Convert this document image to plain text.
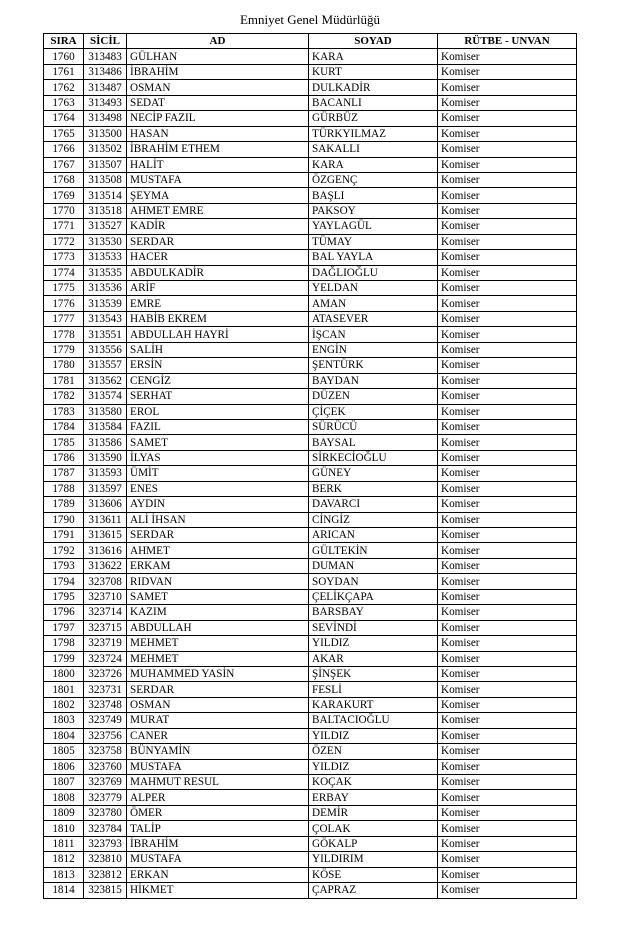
Emniyet Genel Müdürlüğü
SIRA	SİCİL	AD	SOYAD	RÜTBE - UNVAN
1760	313483	GÜLHAN	KARA	Komiser
1761	313486	İBRAHİM	KURT	Komiser
1762	313487	OSMAN	DULKADİR	Komiser
1763	313493	SEDAT	BACANLI	Komiser
1764	313498	NECİP FAZIL	GÜRBÜZ	Komiser
1765	313500	HASAN	TÜRKYILMAZ	Komiser
1766	313502	İBRAHİM ETHEM	SAKALLI	Komiser
1767	313507	HALİT	KARA	Komiser
1768	313508	MUSTAFA	ÖZGENÇ	Komiser
1769	313514	ŞEYMA	BAŞLI	Komiser
1770	313518	AHMET EMRE	PAKSOY	Komiser
1771	313527	KADİR	YAYLAGÜL	Komiser
1772	313530	SERDAR	TÜMAY	Komiser
1773	313533	HACER	BAL YAYLA	Komiser
1774	313535	ABDULKADİR	DAĞLIOĞLU	Komiser
1775	313536	ARİF	YELDAN	Komiser
1776	313539	EMRE	AMAN	Komiser
1777	313543	HABİB EKREM	ATASEVER	Komiser
1778	313551	ABDULLAH HAYRİ	İŞCAN	Komiser
1779	313556	SALİH	ENGİN	Komiser
1780	313557	ERSİN	ŞENTÜRK	Komiser
1781	313562	CENGİZ	BAYDAN	Komiser
1782	313574	SERHAT	DÜZEN	Komiser
1783	313580	EROL	ÇİÇEK	Komiser
1784	313584	FAZIL	SÜRÜCÜ	Komiser
1785	313586	SAMET	BAYSAL	Komiser
1786	313590	İLYAS	SİRKECİOĞLU	Komiser
1787	313593	ÜMİT	GÜNEY	Komiser
1788	313597	ENES	BERK	Komiser
1789	313606	AYDIN	DAVARCI	Komiser
1790	313611	ALİ İHSAN	CİNGİZ	Komiser
1791	313615	SERDAR	ARICAN	Komiser
1792	313616	AHMET	GÜLTEKİN	Komiser
1793	313622	ERKAM	DUMAN	Komiser
1794	323708	RIDVAN	SOYDAN	Komiser
1795	323710	SAMET	ÇELİKÇAPA	Komiser
1796	323714	KAZIM	BARSBAY	Komiser
1797	323715	ABDULLAH	SEVİNDİ	Komiser
1798	323719	MEHMET	YILDIZ	Komiser
1799	323724	MEHMET	AKAR	Komiser
1800	323726	MUHAMMED YASİN	ŞİNŞEK	Komiser
1801	323731	SERDAR	FESLİ	Komiser
1802	323748	OSMAN	KARAKURT	Komiser
1803	323749	MURAT	BALTACIOĞLU	Komiser
1804	323756	CANER	YILDIZ	Komiser
1805	323758	BÜNYAMİN	ÖZEN	Komiser
1806	323760	MUSTAFA	YILDIZ	Komiser
1807	323769	MAHMUT RESUL	KOÇAK	Komiser
1808	323779	ALPER	ERBAY	Komiser
1809	323780	ÖMER	DEMİR	Komiser
1810	323784	TALİP	ÇOLAK	Komiser
1811	323793	İBRAHİM	GÖKALP	Komiser
1812	323810	MUSTAFA	YILDIRIM	Komiser
1813	323812	ERKAN	KÖSE	Komiser
1814	323815	HİKMET	ÇAPRAZ	Komiser
